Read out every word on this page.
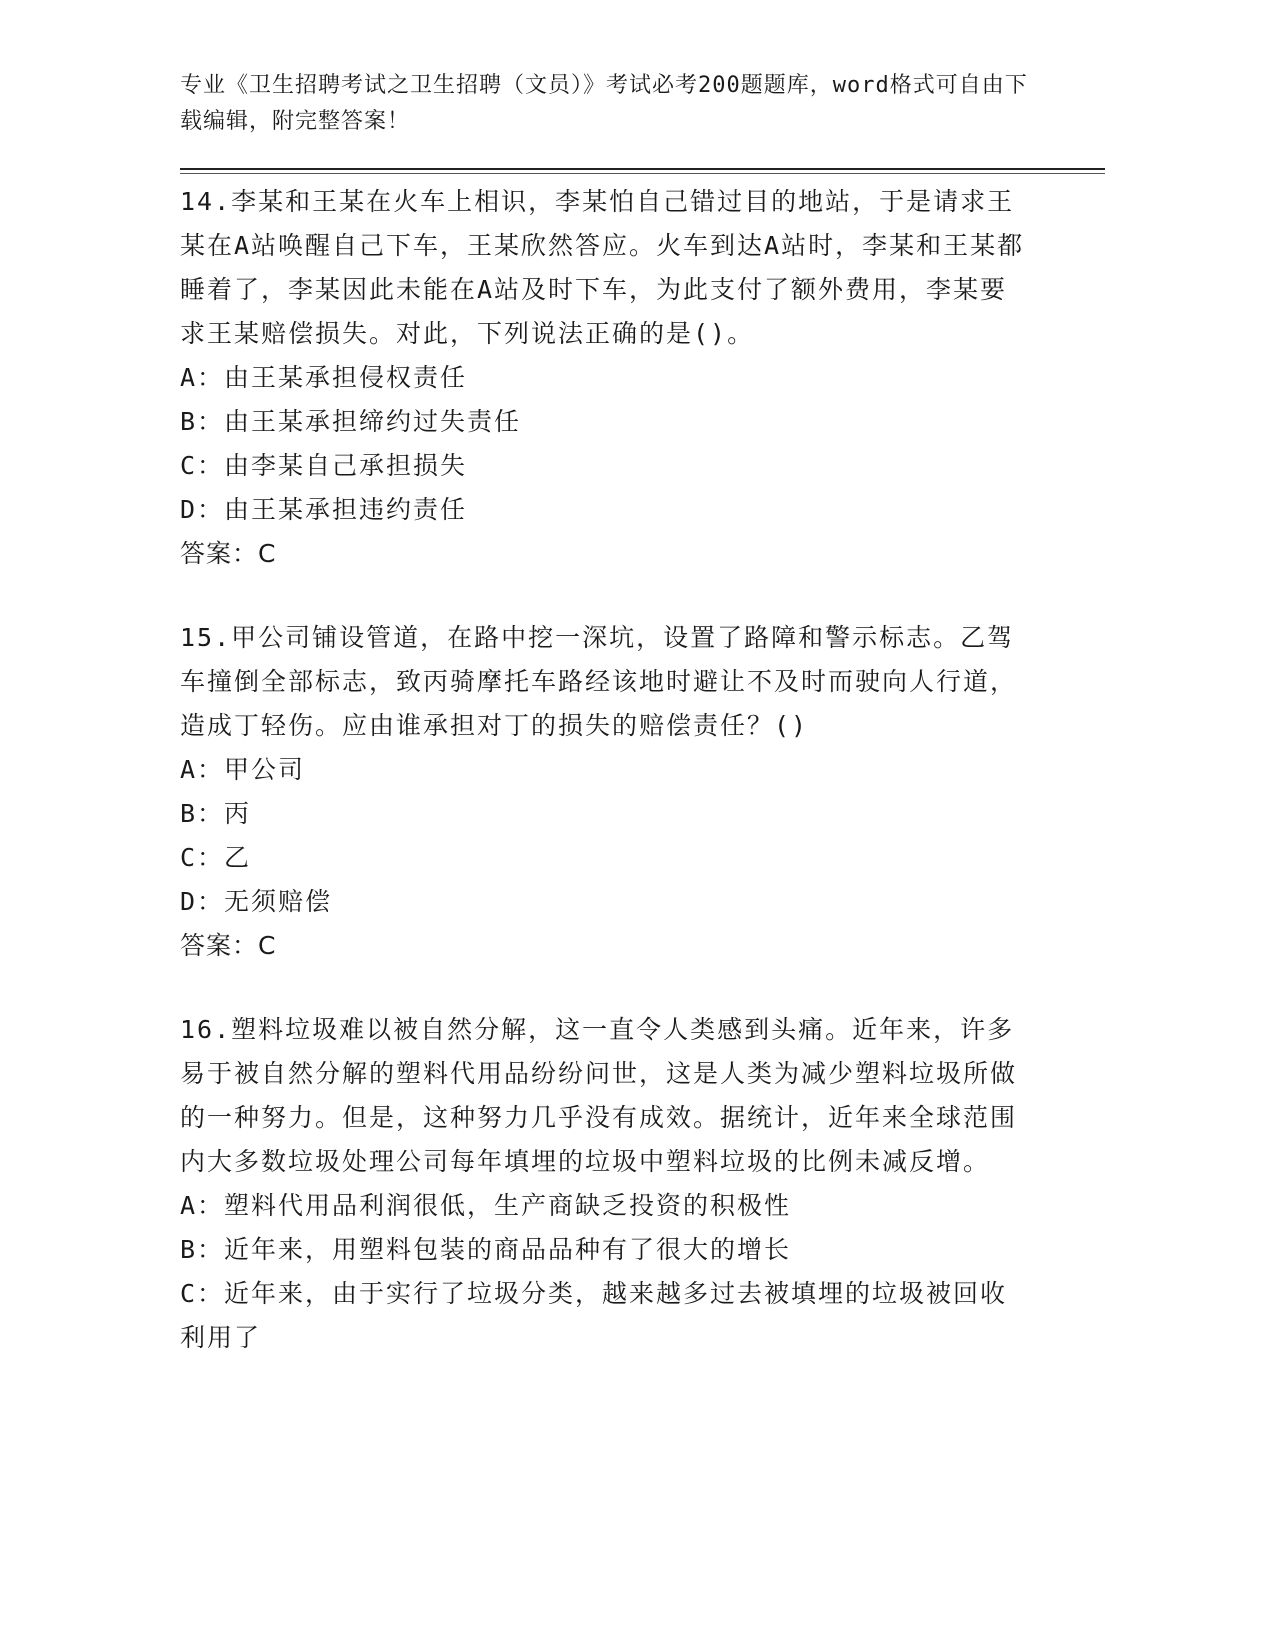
专业《卫生招聘考试之卫生招聘（文员）》考试必考200题题库，word格式可自由下载编辑，附完整答案！

14.李某和王某在火车上相识，李某怕自己错过目的地站，于是请求王某在A站唤醒自己下车，王某欣然答应。火车到达A站时，李某和王某都睡着了，李某因此未能在A站及时下车，为此支付了额外费用，李某要求王某赔偿损失。对此，下列说法正确的是()。

A：由王某承担侵权责任

B：由王某承担缔约过失责任

C：由李某自己承担损失

D：由王某承担违约责任

答案：C

15.甲公司铺设管道，在路中挖一深坑，设置了路障和警示标志。乙驾车撞倒全部标志，致丙骑摩托车路经该地时避让不及时而驶向人行道，造成丁轻伤。应由谁承担对丁的损失的赔偿责任？()

A：甲公司

B：丙

C：乙

D：无须赔偿

答案：C

16.塑料垃圾难以被自然分解，这一直令人类感到头痛。近年来，许多易于被自然分解的塑料代用品纷纷问世，这是人类为减少塑料垃圾所做的一种努力。但是，这种努力几乎没有成效。据统计，近年来全球范围内大多数垃圾处理公司每年填埋的垃圾中塑料垃圾的比例未减反增。

A：塑料代用品利润很低，生产商缺乏投资的积极性

B：近年来，用塑料包装的商品品种有了很大的增长

C：近年来，由于实行了垃圾分类，越来越多过去被填埋的垃圾被回收利用了
